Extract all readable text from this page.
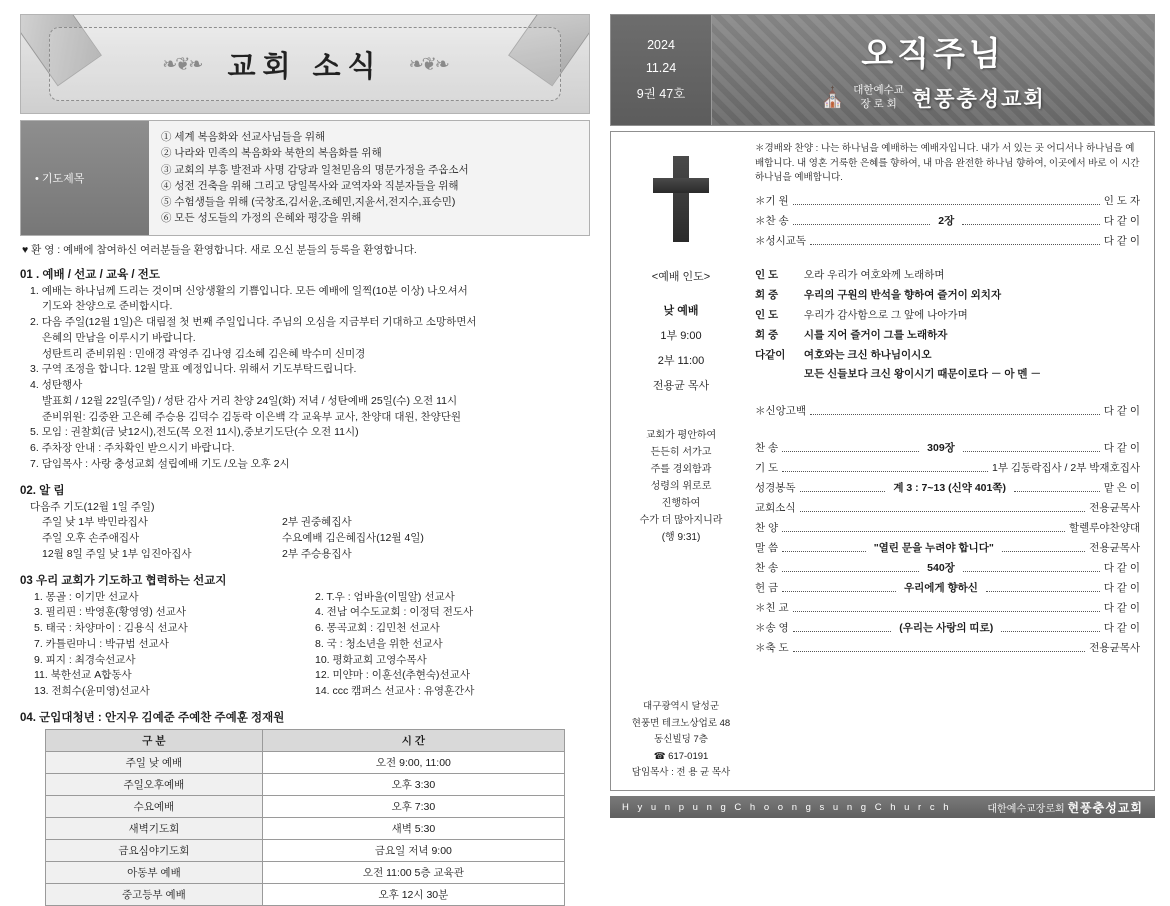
❧❦❧ 교회 소식 ❧❦❧
• 기도제목
① 세계 복음화와 선교사님들을 위해
② 나라와 민족의 복음화와 북한의 복음화를 위해
③ 교회의 부흥 발전과 사명 감당과 일천믿음의 명문가정을 주옵소서
④ 성전 건축을 위해 그리고 당일목사와 교역자와 직분자들을 위해
⑤ 수험생들을 위해 (국창조,김서윤,조혜민,지윤서,전지수,표승민)
⑥ 모든 성도들의 가정의 은혜와 평강을 위해
♥ 환 영 : 예배에 참여하신 여러분들을 환영합니다. 새로 오신 분들의 등록을 환영합니다.
01 . 예배 / 선교 / 교육 / 전도
1. 예배는 하나님께 드리는 것이며 신앙생활의 기쁨입니다. 모든 예배에 일찍(10분 이상) 나오셔서
기도와 찬양으로 준비합시다.
2. 다음 주일(12월 1일)은 대림절 첫 번째 주일입니다. 주님의 오심을 지금부터 기대하고 소망하면서
은혜의 만남을 이루시기 바랍니다.
성탄트리 준비위원 : 민애경 곽영주 김나영 김소혜 김은혜 박수미 신미경
3. 구역 조정을 합니다. 12월 말표 예정입니다. 위해서 기도부탁드립니다.
4. 성탄행사
발표회 / 12월 22일(주일) / 성탄 감사 거리 찬양 24일(화) 저녁 / 성탄예배 25일(수) 오전 11시
준비위원: 김중완 고은혜 주승용 김덕수 김동락 이은백 각 교육부 교사, 찬양대 대원, 찬양단원
5. 모임 : 권찰회(금 낮12시),전도(목 오전 11시),중보기도단(수 오전 11시)
6. 주차장 안내 : 주차확인 받으시기 바랍니다.
7. 담임목사 : 사랑 충성교회 설립예배 기도 /오늘 오후 2시
02. 알 림
다음주 기도(12월 1일 주일)
주일 낮 1부 박민라집사	2부 권중혜집사
주일 오후 손주애집사	수요예배 김은혜집사(12월 4일)
12월 8일 주일 낮 1부 임진아집사	2부 주승용집사
03 우리 교회가 기도하고 협력하는 선교지
1. 몽골 : 이기만 선교사	2. T.우 : 엄바울(이밀알) 선교사
3. 필리핀 : 박영훈(황영영) 선교사	4. 전남 여수도교회 : 이정덕 전도사
5. 태국 : 차양마이 : 김용식 선교사	6. 몽곡교회 : 김민천 선교사
7. 카틀린마니 : 박규범 선교사	8. 국 : 청소년을 위한 선교사
9. 피지 : 최경숙선교사	10. 평화교회 고영수목사
11. 북한선교 A합동사	12. 미얀마 : 이훈선(추현숙)선교사
13. 전희수(윤미영)선교사	14. ccc 캠퍼스 선교사 : 유영훈간사
04. 군입대청년 : 안지우 김예준 주예찬 주예훈 정재원
구 분	시 간
주일 낮 예배	오전 9:00, 11:00
주일오후예배	오후 3:30
수요예배	오후 7:30
새벽기도회	새벽 5:30
금요심야기도회	금요일 저녁 9:00
아동부 예배	오전 11:00 5층 교육관
중고등부 예배	오후 12시 30분
2024
11.24
9권 47호
오직주님
⛪ 대한예수교
장 로 회 현풍충성교회
<예배 인도>
낮 예배
1부 9:00
2부 11:00
전용균 목사
교회가 평안하여
든든히 서가고
주를 경외함과
성령의 위로로
진행하여
수가 더 많아지니라
(행 9:31)
대구광역시 달성군
현풍면 테크노상업로 48
동신빌딩 7층
☎ 617-0191
담임목사 : 전 용 균 목사
＊경배와 찬양 : 나는 하나님을 예배하는 예배자입니다. 내가 서 있는 곳 어디서나 하나님을 예배합니다. 내 영혼 거룩한 은혜를 향하여, 내 마음 완전한 하나님 향하여, 이곳에서 바로 이 시간 하나님을 예배합니다.
＊기 원	인 도 자
＊찬 송	2장	다 같 이
＊성시교독	다 같 이
인 도 오라 우리가 여호와께 노래하며
회 중 우리의 구원의 반석을 향하여 즐거이 외치자
인 도 우리가 감사함으로 그 앞에 나아가며
회 중 시를 지어 즐거이 그를 노래하자
다같이 여호와는 크신 하나님이시오
모든 신들보다 크신 왕이시기 때문이로다 － 아 멘 －
＊신앙고백	다 같 이
찬 송	309장	다 같 이
기 도	1부 김동락집사 / 2부 박재호집사
성경봉독	계 3 : 7~13 (신약 401쪽)	맡 은 이
교회소식	전용균목사
찬 양	할렐루야찬양대
말 씀	"열린 문을 누려야 합니다"	전용균목사
찬 송	540장	다 같 이
헌 금	우리에게 향하신	다 같 이
＊친 교	다 같 이
＊송 영	(우리는 사랑의 띠로)	다 같 이
＊축 도	전용균목사
H y u n p u n g C h o o n g s u n g C h u r c h	대한예수교장로회 현풍충성교회
